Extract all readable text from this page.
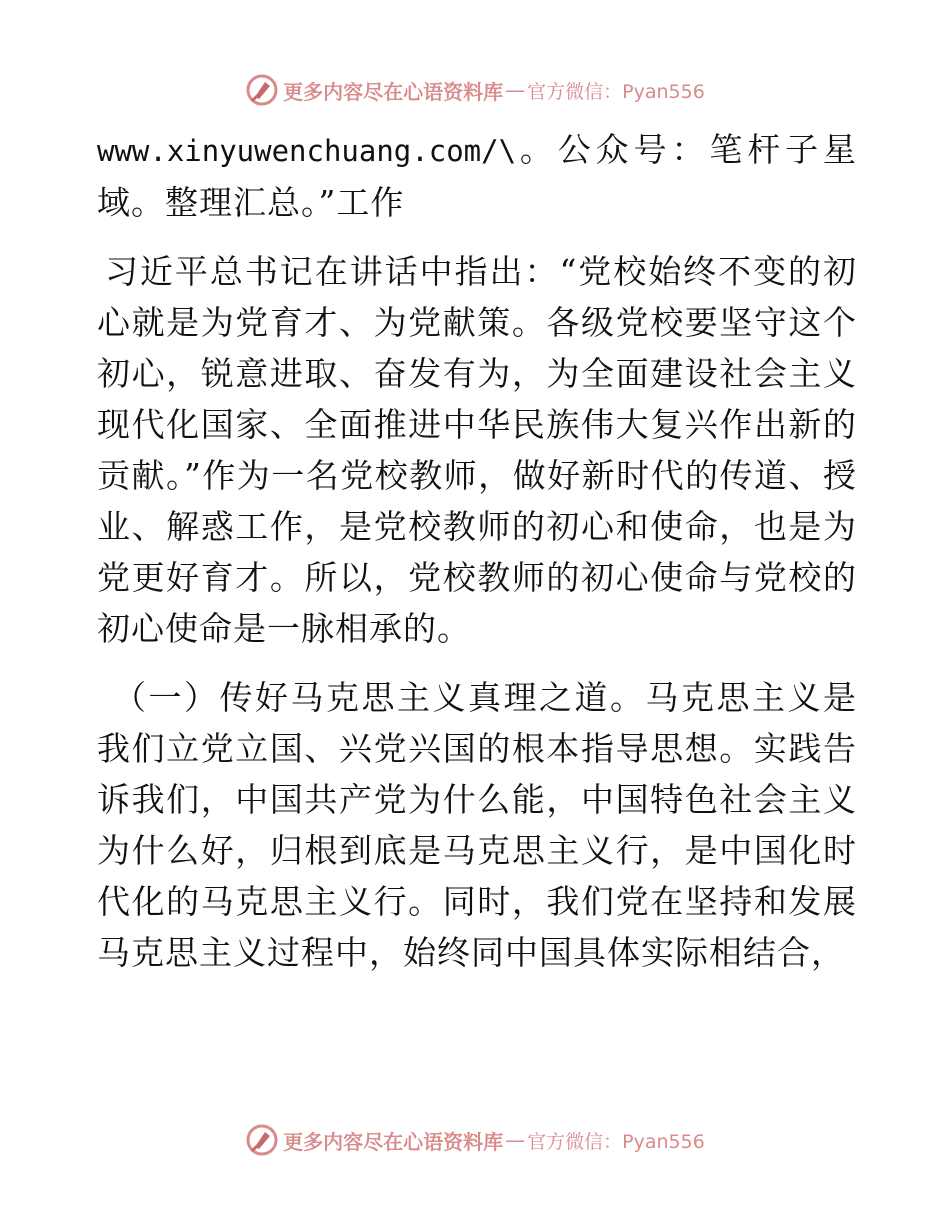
更多内容尽在心语资料库 — 官方微信：Pyan556

www.xinyuwenchuang.com/\。公众号：笔杆子星域。整理汇总。”工作

习近平总书记在讲话中指出：“党校始终不变的初心就是为党育才、为党献策。各级党校要坚守这个初心，锐意进取、奋发有为，为全面建设社会主义现代化国家、全面推进中华民族伟大复兴作出新的贡献。”作为一名党校教师，做好新时代的传道、授业、解惑工作，是党校教师的初心和使命，也是为党更好育才。所以，党校教师的初心使命与党校的初心使命是一脉相承的。

（一）传好马克思主义真理之道。马克思主义是我们立党立国、兴党兴国的根本指导思想。实践告诉我们，中国共产党为什么能，中国特色社会主义为什么好，归根到底是马克思主义行，是中国化时代化的马克思主义行。同时，我们党在坚持和发展马克思主义过程中，始终同中国具体实际相结合，

更多内容尽在心语资料库 — 官方微信：Pyan556
